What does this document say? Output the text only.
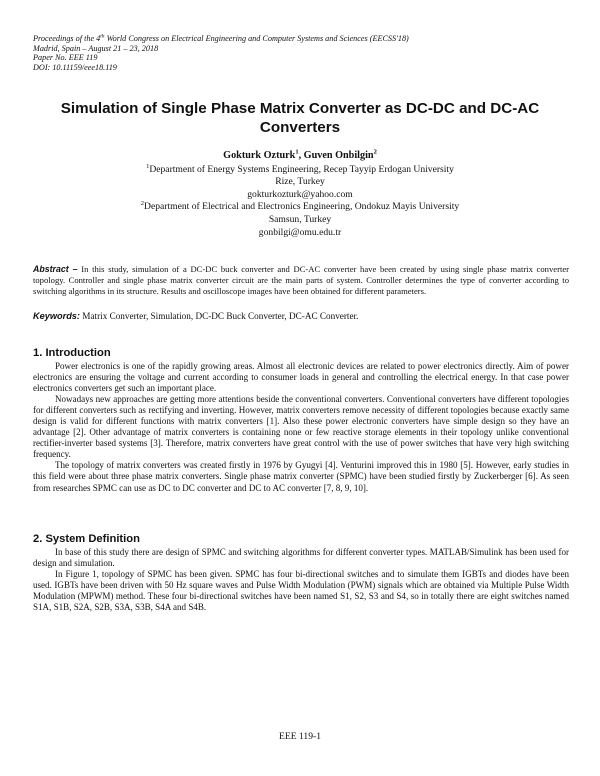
Proceedings of the 4th World Congress on Electrical Engineering and Computer Systems and Sciences (EECSS'18)
Madrid, Spain – August 21 – 23, 2018
Paper No. EEE 119
DOI: 10.11159/eee18.119
Simulation of Single Phase Matrix Converter as DC-DC and DC-AC
Converters
Gokturk Ozturk$^1$, Guven Onbilgin$^2$
$^1$Department of Energy Systems Engineering, Recep Tayyip Erdogan University
Rize, Turkey
gokturkozturk@yahoo.com
$^2$Department of Electrical and Electronics Engineering, Ondokuz Mayis University
Samsun, Turkey
gonbilgi@omu.edu.tr
Abstract – In this study, simulation of a DC-DC buck converter and DC-AC converter have been created by using single phase matrix converter topology. Controller and single phase matrix converter circuit are the main parts of system. Controller determines the type of converter according to switching algorithms in its structure. Results and oscilloscope images have been obtained for different parameters.
Keywords: Matrix Converter, Simulation, DC-DC Buck Converter, DC-AC Converter.
1. Introduction

Power electronics is one of the rapidly growing areas. Almost all electronic devices are related to power electronics directly. Aim of power electronics are ensuring the voltage and current according to consumer loads in general and controlling the electrical energy. In that case power electronics converters get such an important place.

Nowadays new approaches are getting more attentions beside the conventional converters. Conventional converters have different topologies for different converters such as rectifying and inverting. However, matrix converters remove necessity of different topologies because exactly same design is valid for different functions with matrix converters [1]. Also these power electronic converters have simple design so they have an advantage [2]. Other advantage of matrix converters is containing none or few reactive storage elements in their topology unlike conventional rectifier-inverter based systems [3]. Therefore, matrix converters have great control with the use of power switches that have very high switching frequency.

The topology of matrix converters was created firstly in 1976 by Gyugyi [4]. Venturini improved this in 1980 [5]. However, early studies in this field were about three phase matrix converters. Single phase matrix converter (SPMC) have been studied firstly by Zuckerberger [6]. As seen from researches SPMC can use as DC to DC converter and DC to AC converter [7, 8, 9, 10].

2. System Definition

In base of this study there are design of SPMC and switching algorithms for different converter types. MATLAB/Simulink has been used for design and simulation.

In Figure 1, topology of SPMC has been given. SPMC has four bi-directional switches and to simulate them IGBTs and diodes have been used. IGBTs have been driven with 50 Hz square waves and Pulse Width Modulation (PWM) signals which are obtained via Multiple Pulse Width Modulation (MPWM) method. These four bi-directional switches have been named S1, S2, S3 and S4, so in totally there are eight switches named S1A, S1B, S2A, S2B, S3A, S3B, S4A and S4B.

EEE 119-1
